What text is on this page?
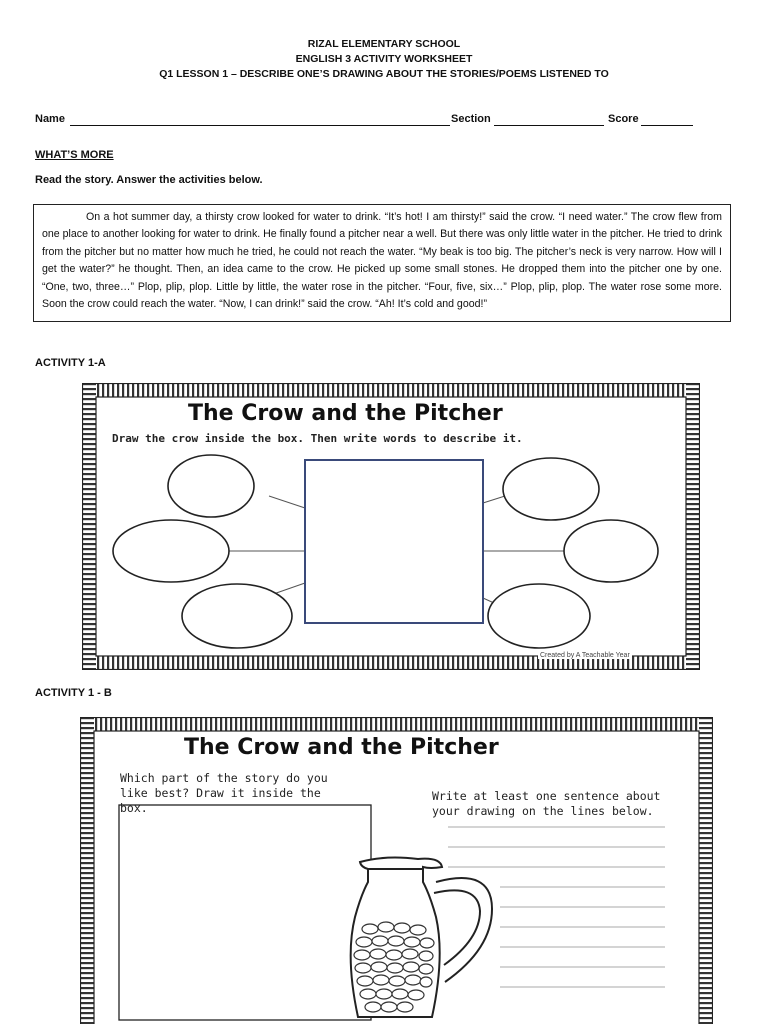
RIZAL ELEMENTARY SCHOOL
ENGLISH 3 ACTIVITY WORKSHEET
Q1 LESSON 1 – DESCRIBE ONE’S DRAWING ABOUT THE STORIES/POEMS LISTENED TO
Name	Section	Score
WHAT’S MORE
Read the story. Answer the activities below.
On a hot summer day, a thirsty crow looked for water to drink. “It’s hot! I am thirsty!” said the crow. “I need water.” The crow flew from one place to another looking for water to drink. He finally found a pitcher near a well. But there was only little water in the pitcher. He tried to drink from the pitcher but no matter how much he tried, he could not reach the water. “My beak is too big. The pitcher’s neck is very narrow. How will I get the water?” he thought. Then, an idea came to the crow. He picked up some small stones. He dropped them into the pitcher one by one. “One, two, three…” Plop, plip, plop. Little by little, the water rose in the pitcher. “Four, five, six…” Plop, plip, plop. The water rose some more. Soon the crow could reach the water. “Now, I can drink!” said the crow. “Ah! It’s cold and good!”
ACTIVITY 1-A
The Crow and the Pitcher
Draw the crow inside the box. Then write words to describe it.
Created by A Teachable Year
ACTIVITY 1 - B
The Crow and the Pitcher
Which part of the story do you like best? Draw it inside the box.
Write at least one sentence about your drawing on the lines below.
